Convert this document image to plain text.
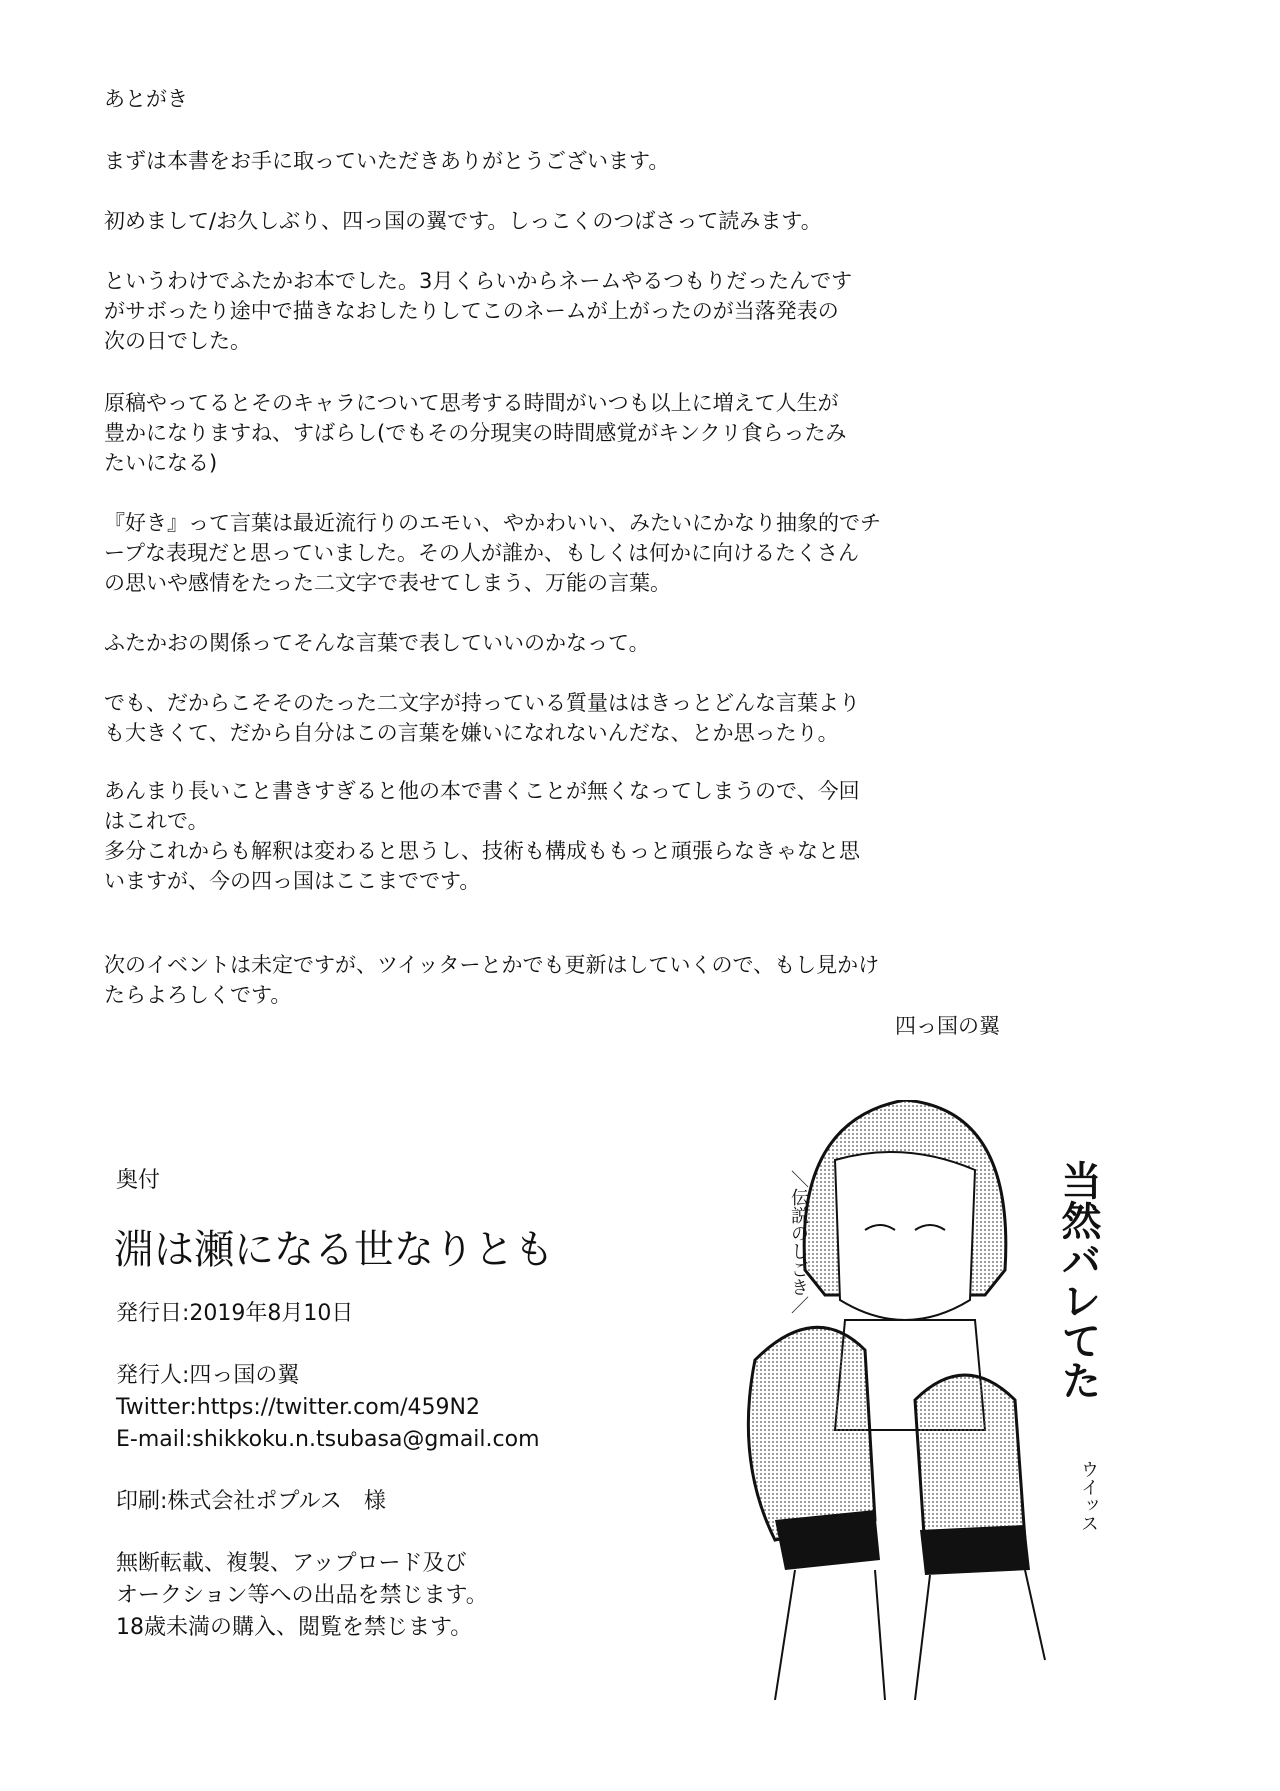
あとがき
まずは本書をお手に取っていただきありがとうございます。
初めまして/お久しぶり、四っ国の翼です。しっこくのつばさって読みます。
というわけでふたかお本でした。3月くらいからネームやるつもりだったんです
がサボったり途中で描きなおしたりしてこのネームが上がったのが当落発表の
次の日でした。
原稿やってるとそのキャラについて思考する時間がいつも以上に増えて人生が
豊かになりますね、すばらし(でもその分現実の時間感覚がキンクリ食らったみ
たいになる)
『好き』って言葉は最近流行りのエモい、やかわいい、みたいにかなり抽象的でチ
ープな表現だと思っていました。その人が誰か、もしくは何かに向けるたくさん
の思いや感情をたった二文字で表せてしまう、万能の言葉。
ふたかおの関係ってそんな言葉で表していいのかなって。
でも、だからこそそのたった二文字が持っている質量ははきっとどんな言葉より
も大きくて、だから自分はこの言葉を嫌いになれないんだな、とか思ったり。
あんまり長いこと書きすぎると他の本で書くことが無くなってしまうので、今回
はこれで。
多分これからも解釈は変わると思うし、技術も構成ももっと頑張らなきゃなと思
いますが、今の四っ国はここまでです。
次のイベントは未定ですが、ツイッターとかでも更新はしていくので、もし見かけ
たらよろしくです。
四っ国の翼
奥付
淵は瀬になる世なりとも
発行日:2019年8月10日
発行人:四っ国の翼
Twitter:https://twitter.com/459N2
E-mail:shikkoku.n.tsubasa@gmail.com
印刷:株式会社ポプルス　様
無断転載、複製、アップロード及び
オークション等への出品を禁じます。
18歳未満の購入、閲覧を禁じます。
当然バレてた
＼伝説のしごき／
ウイッス
